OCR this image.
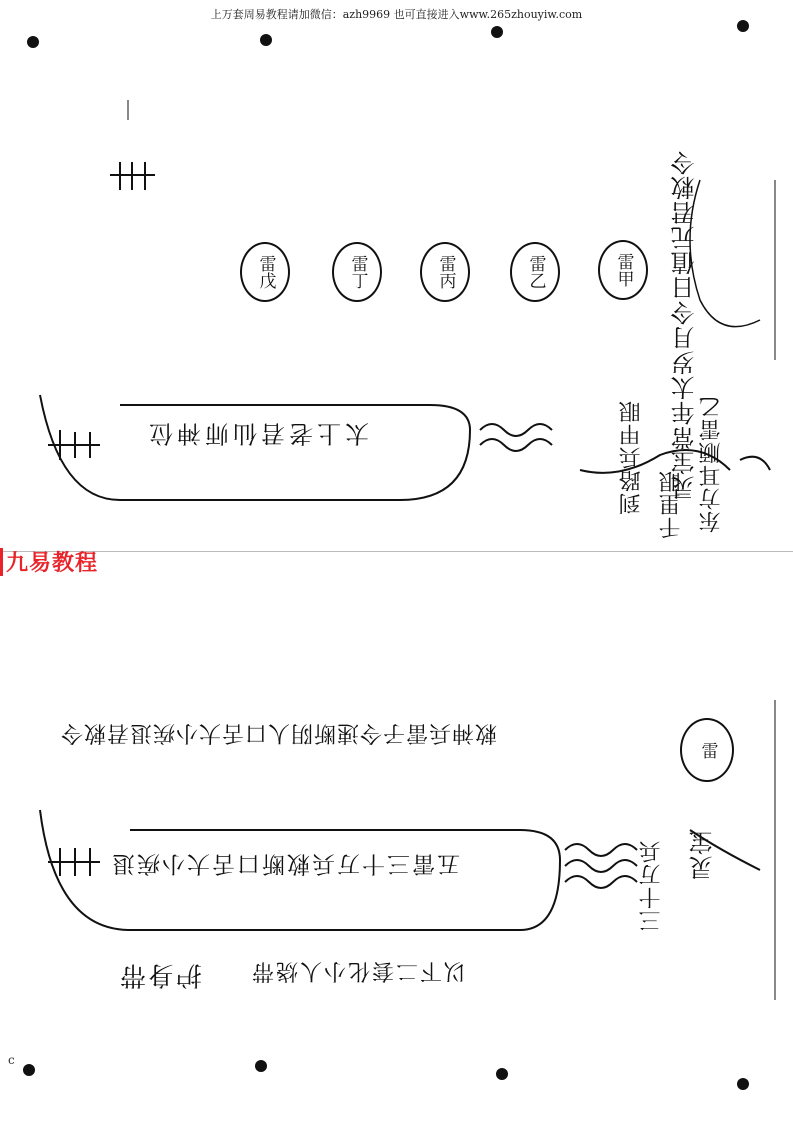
上万套周易教程请加微信：azh9969 也可直接进入www.265zhouyiw.com
灵宝常年太岁月令日值元君敕令
雷甲
雷乙
雷丙
雷丁
雷戊
东方耳顺雷乙
到路兵甲眼 千里眼
太上老君仙师神位
九易教程
雷
敕神兵雷子令速断阴人口舌大小疾退君敕令
灵宝
三十万兵
五雷三十万兵敕断口舌大小疾退
以下二套化小人烧带
护身带
c
